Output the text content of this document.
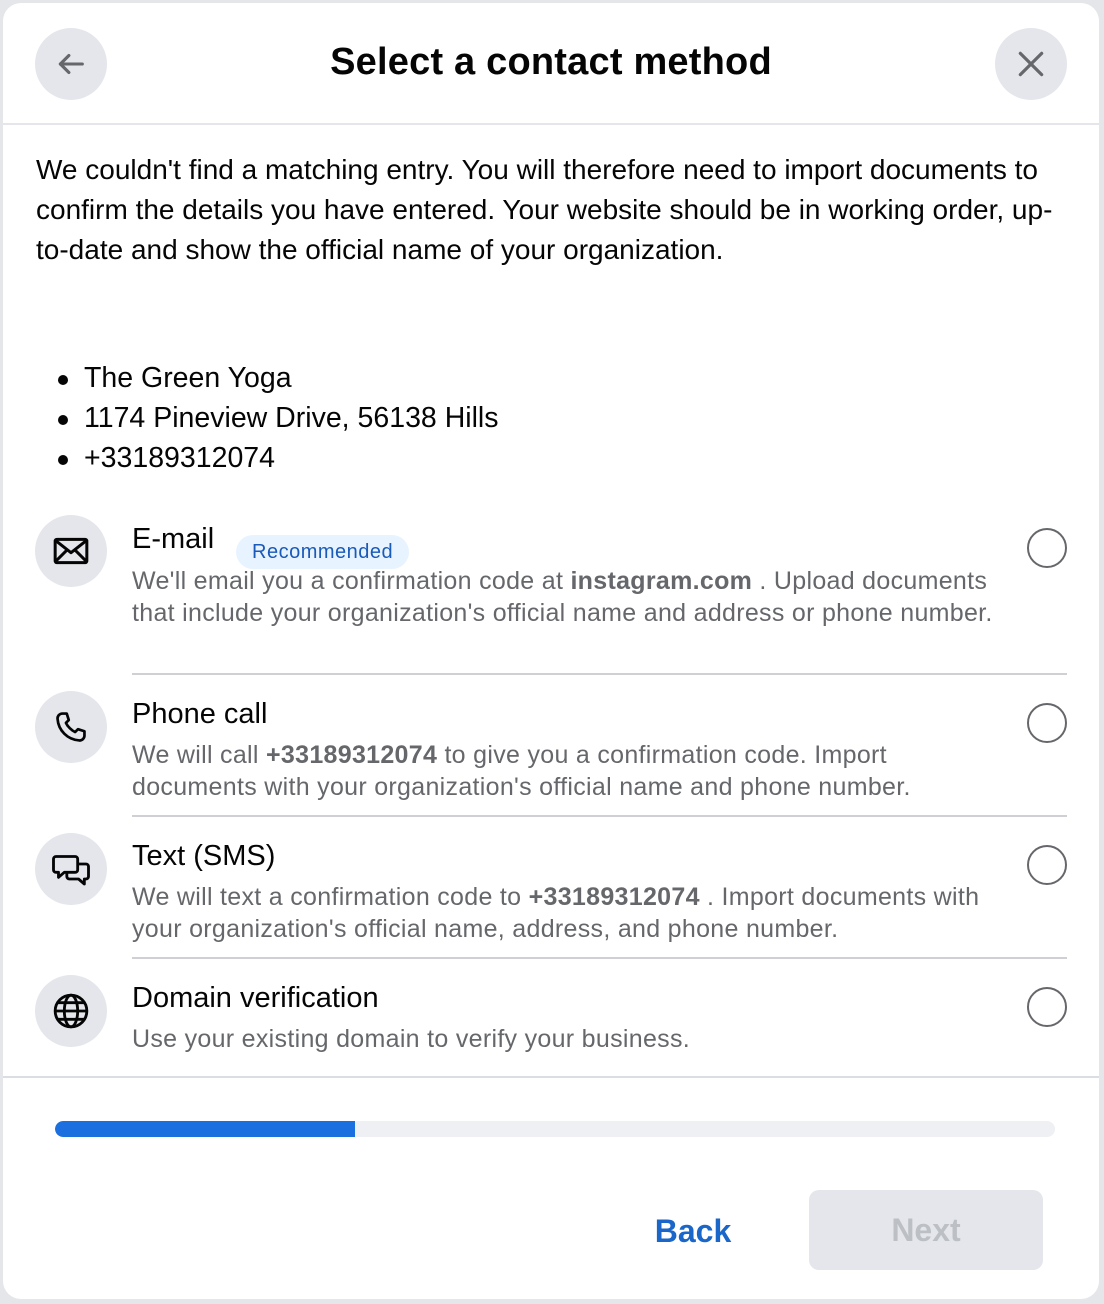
Select a contact method

We couldn't find a matching entry. You will therefore need to import documents to confirm the details you have entered. Your website should be in working order, up-to-date and show the official name of your organization.

The Green Yoga
1174 Pineview Drive, 56138 Hills
+33189312074
E-mail	Recommended
We'll email you a confirmation code at instagram.com . Upload documents that include your organization's official name and address or phone number.
Phone call
We will call +33189312074 to give you a confirmation code. Import documents with your organization's official name and phone number.
Text (SMS)
We will text a confirmation code to +33189312074 . Import documents with your organization's official name, address, and phone number.
Domain verification
Use your existing domain to verify your business.
Back	Next
